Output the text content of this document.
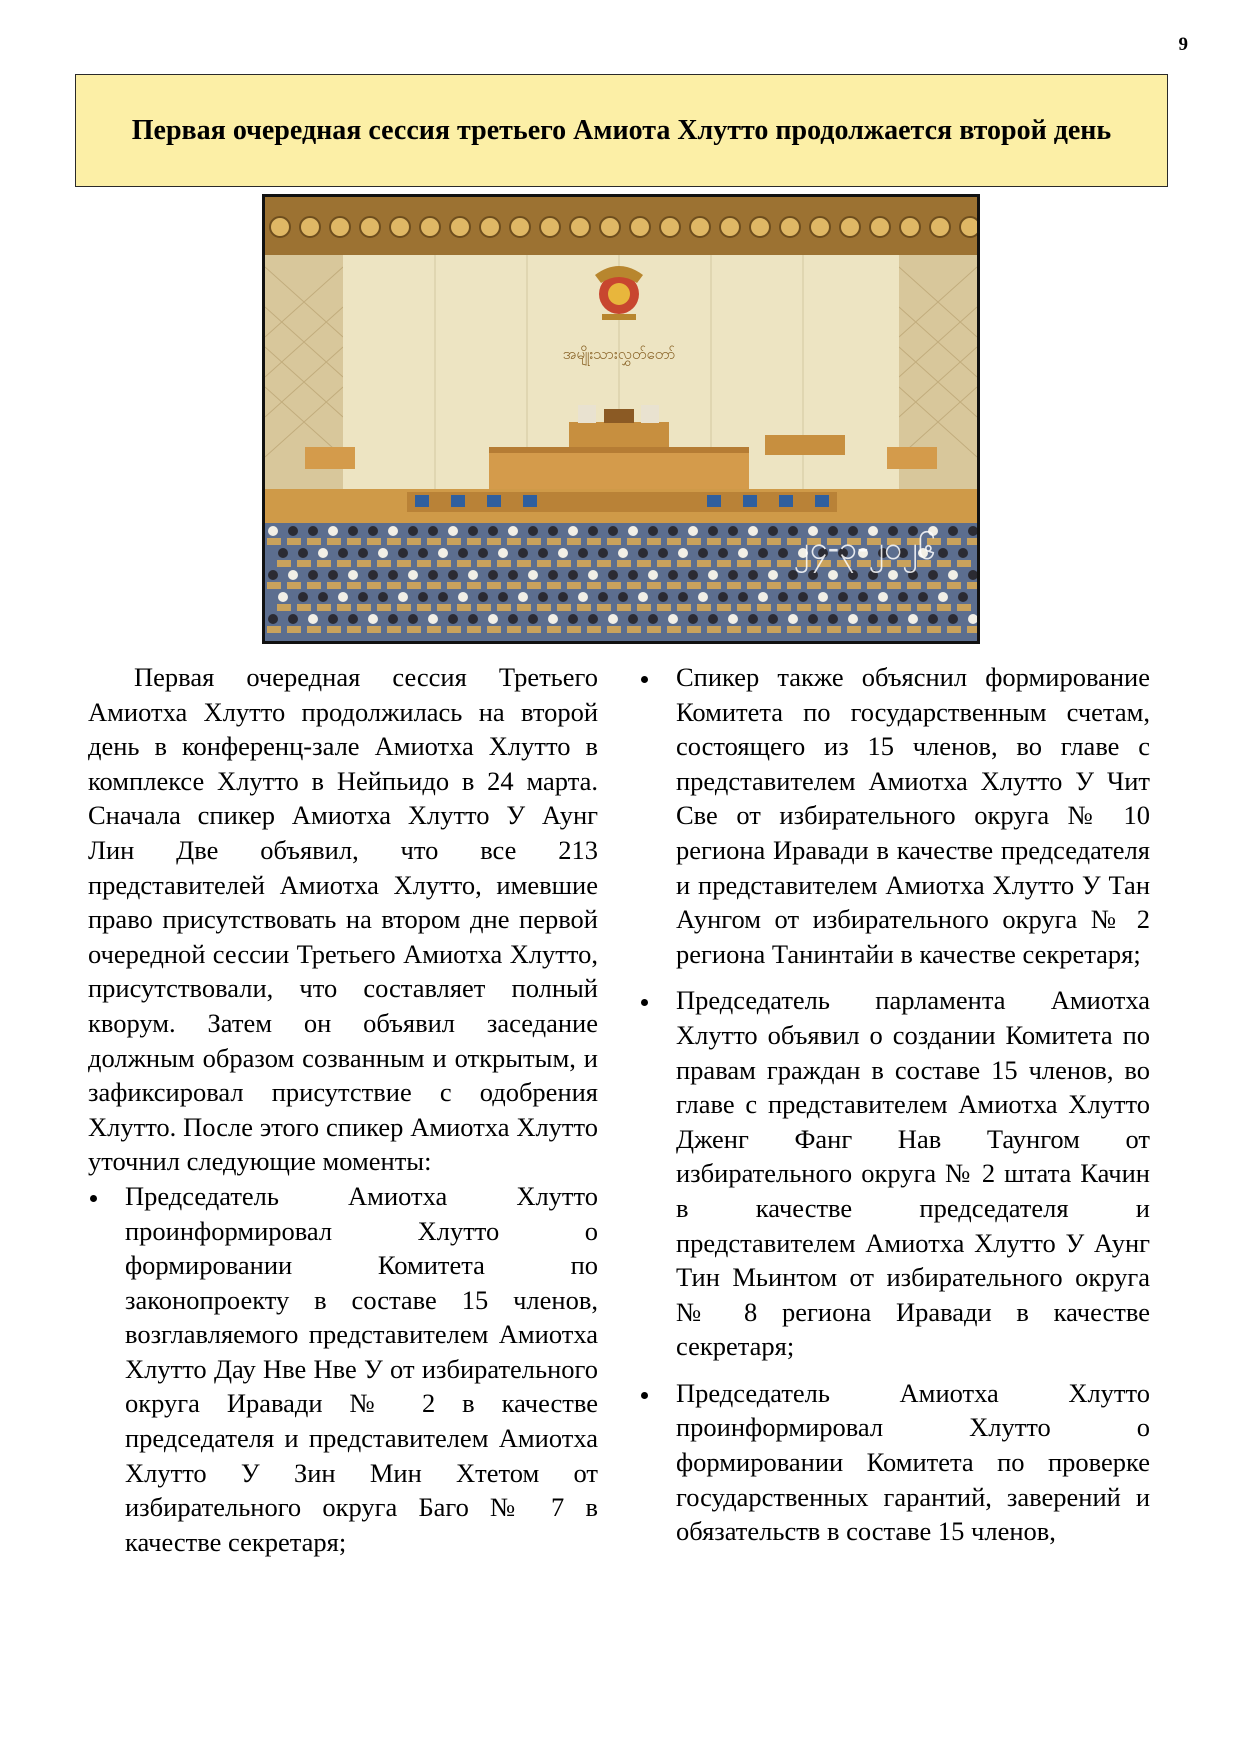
9
Первая очередная сессия третьего Амиота Хлутто продолжается второй день
အမျိုးသားလွှတ်တော်
၂၄-၃-၂၀၂၆

Первая очередная сессия Третьего Амиотха Хлутто продолжилась на второй день в конференц-зале Амиотха Хлутто в комплексе Хлутто в Нейпьидо в 24 марта. Сначала спикер Амиотха Хлутто У Аунг Лин Две объявил, что все 213 представителей Амиотха Хлутто, имевшие право присутствовать на втором дне первой очередной сессии Третьего Амиотха Хлутто, присутствовали, что составляет полный кворум. Затем он объявил заседание должным образом созванным и открытым, и зафиксировал присутствие с одобрения Хлутто. После этого спикер Амиотха Хлутто уточнил следующие моменты:

Председатель Амиотха Хлутто проинформировал Хлутто о формировании Комитета по законопроекту в составе 15 членов, возглавляемого представителем Амиотха Хлутто Дау Нве Нве У от избирательного округа Иравади № 2 в качестве председателя и представителем Амиотха Хлутто У Зин Мин Хтетом от избирательного округа Баго № 7 в качестве секретаря;
Спикер также объяснил формирование Комитета по государственным счетам, состоящего из 15 членов, во главе с представителем Амиотха Хлутто У Чит Све от избирательного округа № 10 региона Иравади в качестве председателя и представителем Амиотха Хлутто У Тан Аунгом от избирательного округа № 2 региона Танинтайи в качестве секретаря;
Председатель парламента Амиотха Хлутто объявил о создании Комитета по правам граждан в составе 15 членов, во главе с представителем Амиотха Хлутто Дженг Фанг Нав Таунгом от избирательного округа № 2 штата Качин в качестве председателя и представителем Амиотха Хлутто У Аунг Тин Мьинтом от избирательного округа № 8 региона Иравади в качестве секретаря;
Председатель Амиотха Хлутто проинформировал Хлутто о формировании Комитета по проверке государственных гарантий, заверений и обязательств в составе 15 членов,
